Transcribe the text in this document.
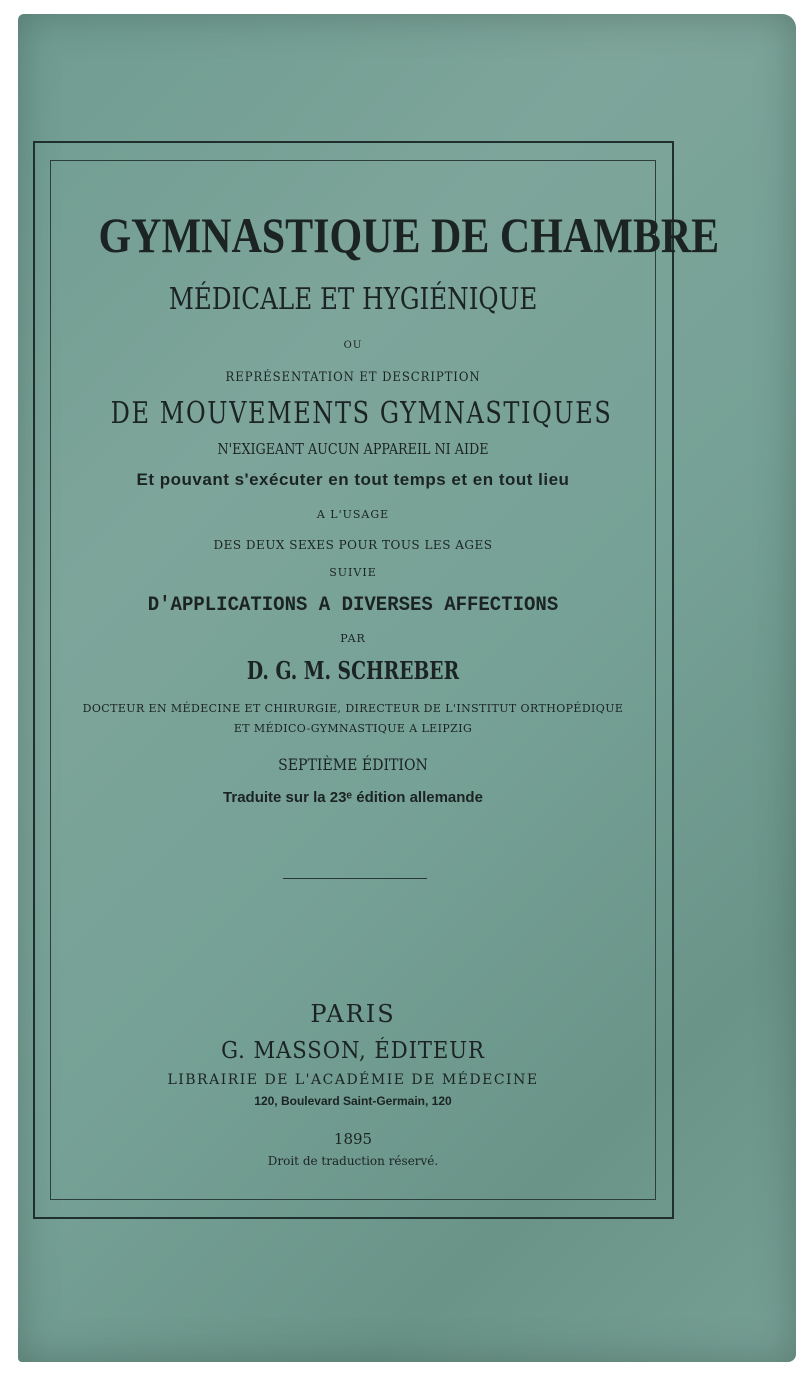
GYMNASTIQUE DE CHAMBRE
MÉDICALE ET HYGIÉNIQUE
OU
REPRÉSENTATION ET DESCRIPTION
DE MOUVEMENTS GYMNASTIQUES
N'EXIGEANT AUCUN APPAREIL NI AIDE
Et pouvant s'exécuter en tout temps et en tout lieu
A L'USAGE
DES DEUX SEXES POUR TOUS LES AGES
SUIVIE
D'APPLICATIONS A DIVERSES AFFECTIONS
PAR
D. G. M. SCHREBER
DOCTEUR EN MÉDECINE ET CHIRURGIE, DIRECTEUR DE L'INSTITUT ORTHOPÉDIQUE
ET MÉDICO-GYMNASTIQUE A LEIPZIG
SEPTIÈME ÉDITION
Traduite sur la 23ᵉ édition allemande
PARIS
G. MASSON, ÉDITEUR
LIBRAIRIE DE L'ACADÉMIE DE MÉDECINE
120, Boulevard Saint-Germain, 120
1895
Droit de traduction réservé.
